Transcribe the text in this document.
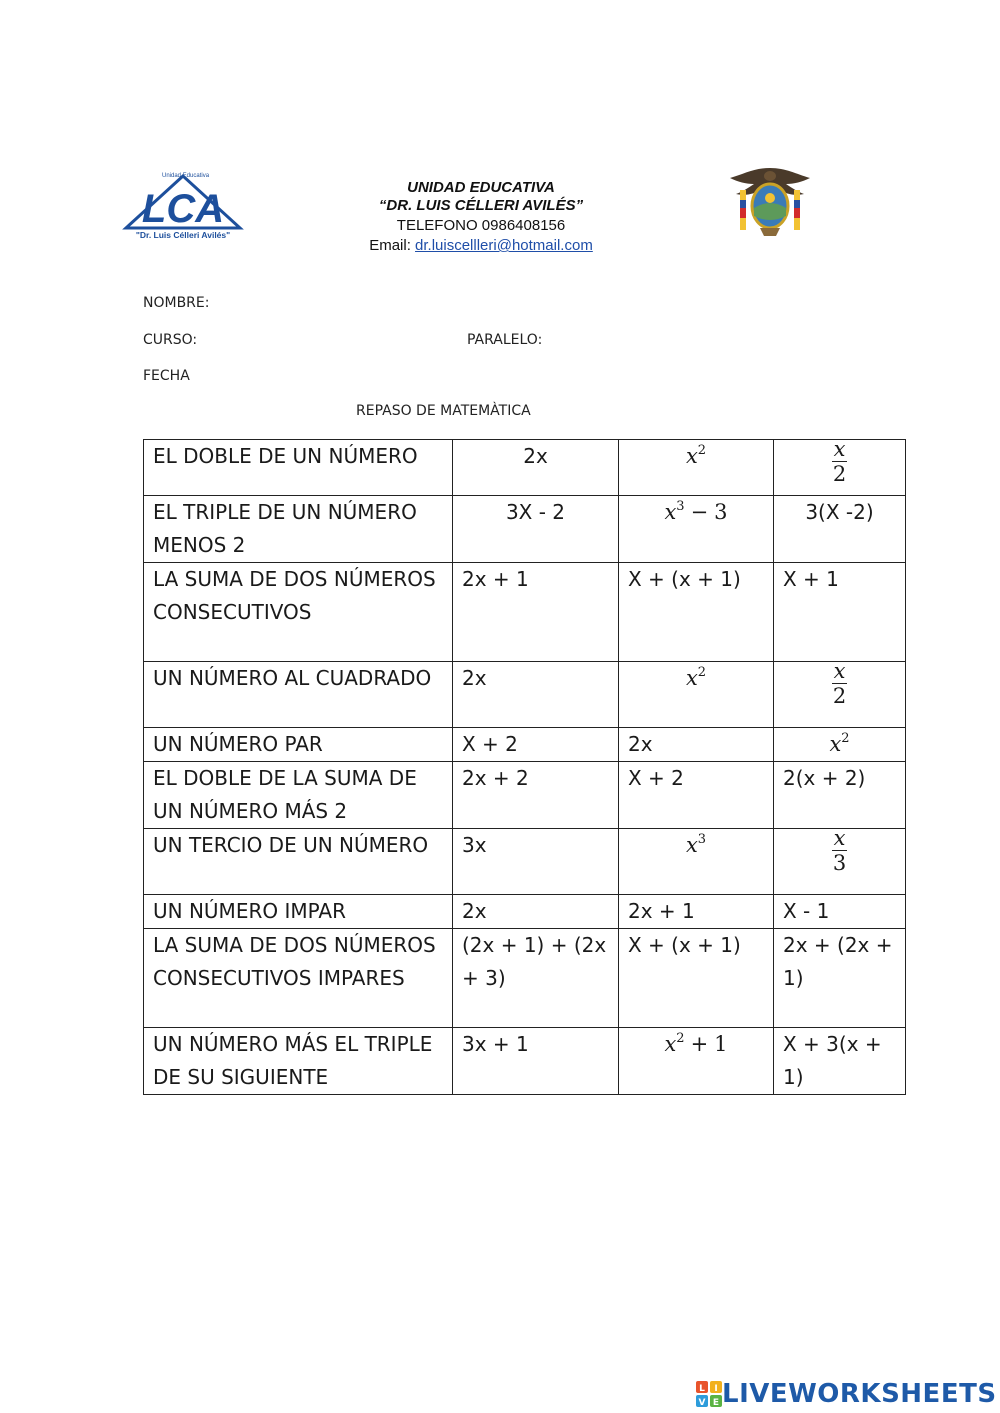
Unidad Educativa
LCA
"Dr. Luis Célleri Avilés"
UNIDAD EDUCATIVA
“DR. LUIS CÉLLERI AVILÉS”
TELEFONO 0986408156
Email: dr.luiscellleri@hotmail.com
NOMBRE:
CURSO:	PARALELO:
FECHA
REPASO DE MATEMÀTICA
EL DOBLE DE UN NÚMERO	2x	$x^2$	$\frac{x}{2}$

EL TRIPLE DE UN NÚMERO MENOS 2	3X - 2	$x^3 - 3$	3(X -2)
LA SUMA DE DOS NÚMEROS CONSECUTIVOS	2x + 1	X + (x + 1)	X + 1
UN NÚMERO AL CUADRADO	2x	$x^2$	$\frac{x}{2}$

UN NÚMERO PAR	X + 2	2x	$x^2$
EL DOBLE DE LA SUMA DE UN NÚMERO MÁS 2	2x + 2	X + 2	2(x + 2)
UN TERCIO DE UN NÚMERO	3x	$x^3$	$\frac{x}{3}$

UN NÚMERO IMPAR	2x	2x + 1	X - 1
LA SUMA DE DOS NÚMEROS CONSECUTIVOS IMPARES	(2x + 1) + (2x + 3)	X + (x + 1)	2x + (2x + 1)
UN NÚMERO MÁS EL TRIPLE DE SU SIGUIENTE	3x + 1	$x^2 + 1$	X + 3(x + 1)
L I
V E LIVEWORKSHEETS
